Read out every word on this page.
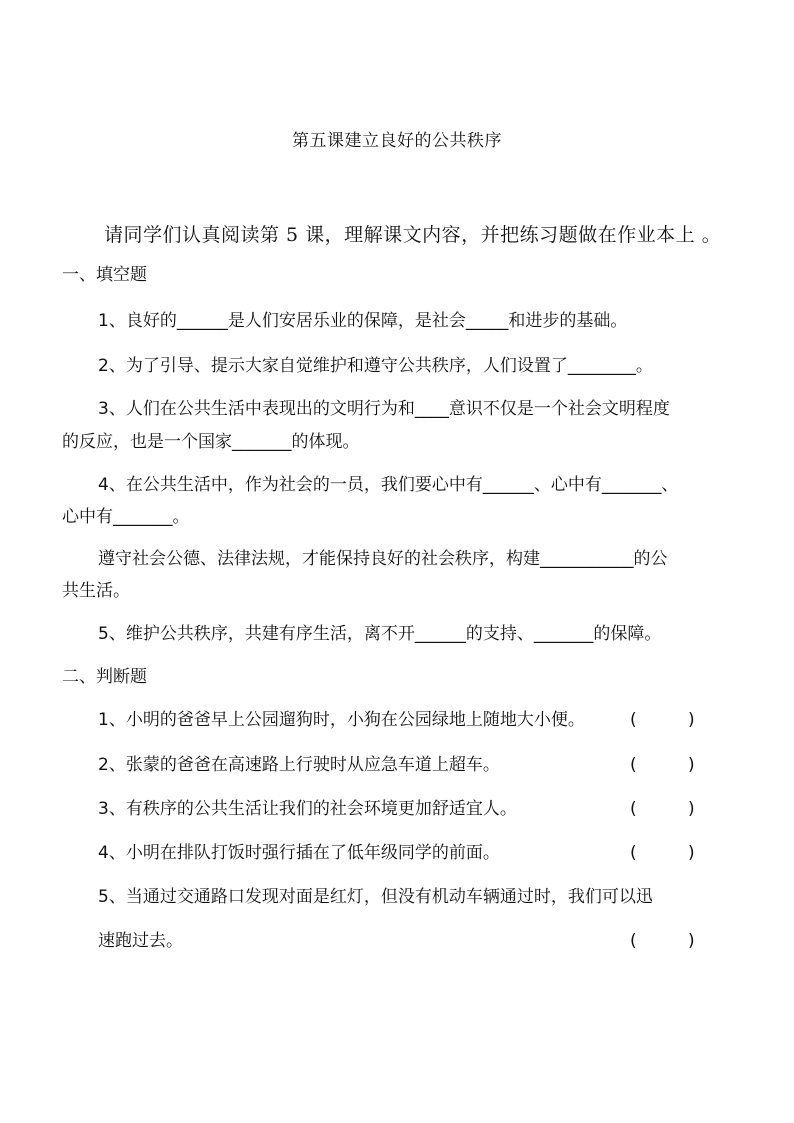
第五课建立良好的公共秩序
请同学们认真阅读第 5 课，理解课文内容，并把练习题做在作业本上 。
一、填空题
1、良好的______是人们安居乐业的保障，是社会_____和进步的基础。
2、为了引导、提示大家自觉维护和遵守公共秩序，人们设置了________。
3、人们在公共生活中表现出的文明行为和____意识不仅是一个社会文明程度
的反应，也是一个国家_______的体现。
4、在公共生活中，作为社会的一员，我们要心中有______、心中有_______、
心中有_______。
遵守社会公德、法律法规，才能保持良好的社会秩序，构建___________的公
共生活。
5、维护公共秩序，共建有序生活，离不开______的支持、_______的保障。
二、判断题
1、小明的爸爸早上公园遛狗时，小狗在公园绿地上随地大小便。	(	)
2、张蒙的爸爸在高速路上行驶时从应急车道上超车。	(	)
3、有秩序的公共生活让我们的社会环境更加舒适宜人。	(	)
4、小明在排队打饭时强行插在了低年级同学的前面。	(	)
5、当通过交通路口发现对面是红灯，但没有机动车辆通过时，我们可以迅
速跑过去。	(	)
